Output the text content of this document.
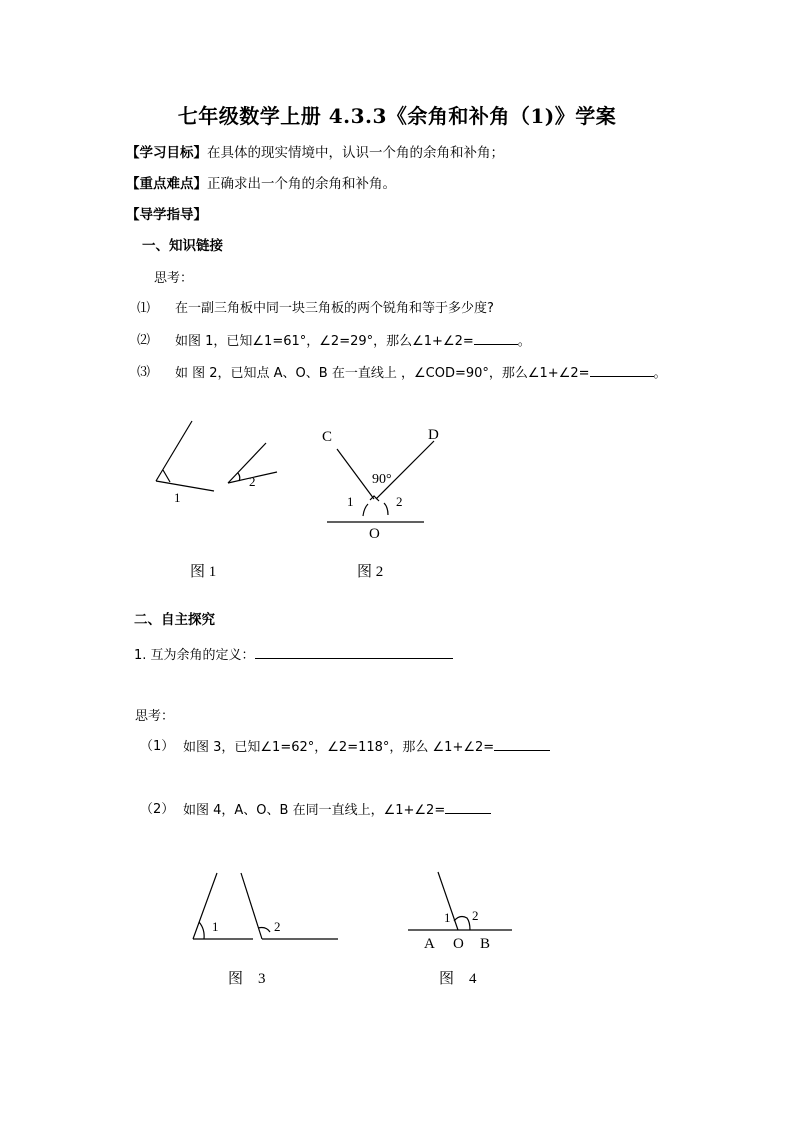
七年级数学上册 4.3.3《余角和补角（1)》学案
【学习目标】在具体的现实情境中，认识一个角的余角和补角；
【重点难点】正确求出一个角的余角和补角。
【导学指导】
一、知识链接
思考：
⑴ 在一副三角板中同一块三角板的两个锐角和等于多少度?
⑵ 如图 1，已知∠1=61°，∠2=29°，那么∠1+∠2=	。
⑶ 如 图 2，已知点 A、O、B 在一直线上 ，∠COD=90°，那么∠1+∠2=	。
二、自主探究
1. 互为余角的定义：
思考：
（1） 如图 3，已知∠1=62°，∠2=118°，那么 ∠1+∠2=
（2） 如图 4，A、O、B 在同一直线上，∠1+∠2=
1
2
图 1
C	D
90°
1	2
O
图 2
1	2
图　3
1 2
A O B
图　4
